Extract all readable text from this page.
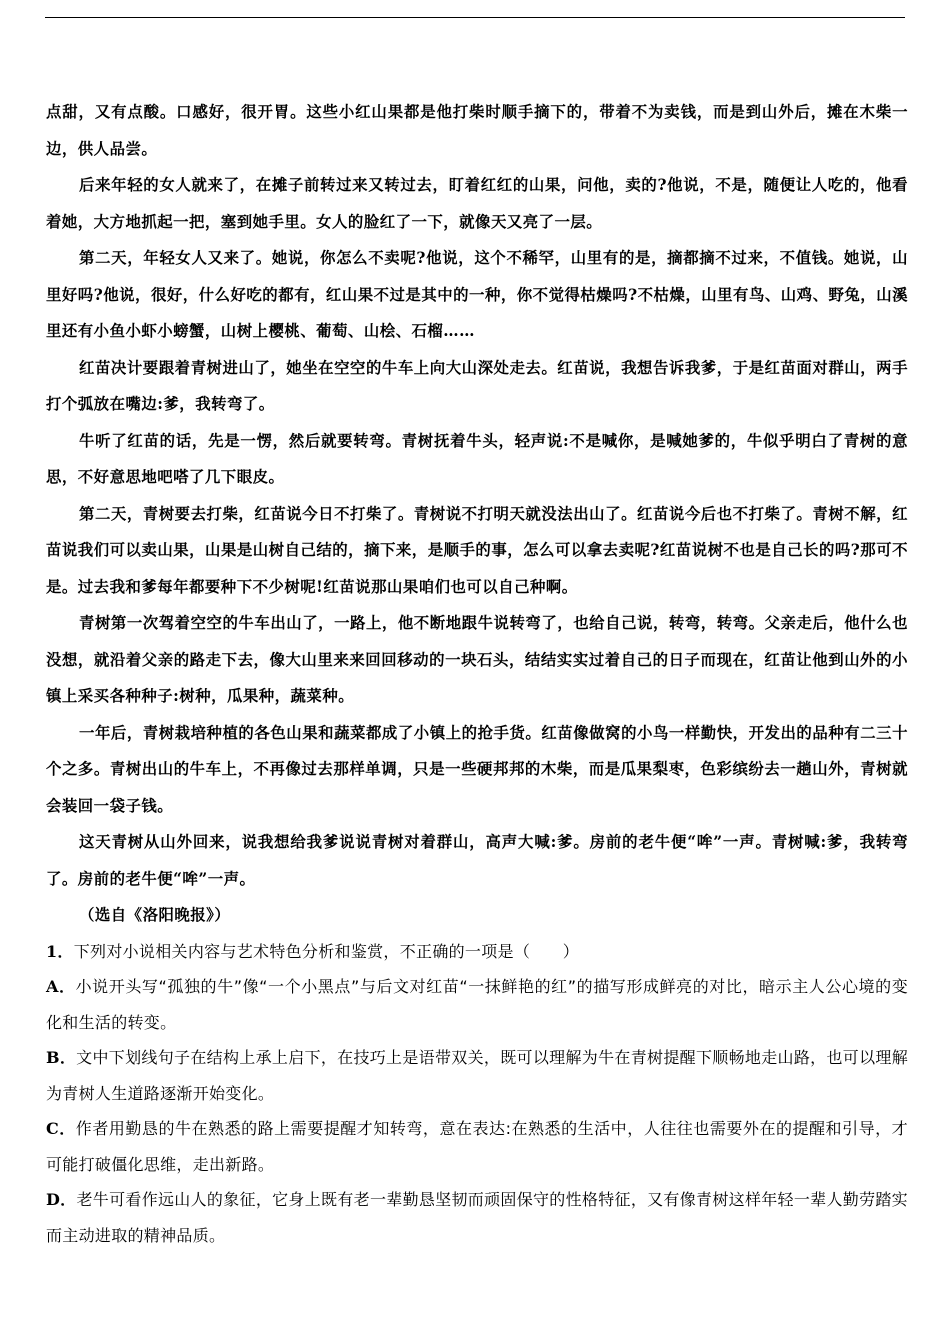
点甜，又有点酸。口感好，很开胃。这些小红山果都是他打柴时顺手摘下的，带着不为卖钱，而是到山外后，摊在木柴一边，供人品尝。

后来年轻的女人就来了，在摊子前转过来又转过去，盯着红红的山果，问他，卖的?他说，不是，随便让人吃的，他看着她，大方地抓起一把，塞到她手里。女人的脸红了一下，就像天又亮了一层。

第二天，年轻女人又来了。她说，你怎么不卖呢?他说，这个不稀罕，山里有的是，摘都摘不过来，不值钱。她说，山里好吗?他说，很好，什么好吃的都有，红山果不过是其中的一种，你不觉得枯燥吗?不枯燥，山里有鸟、山鸡、野兔，山溪里还有小鱼小虾小螃蟹，山树上樱桃、葡萄、山桧、石榴……

红苗决计要跟着青树进山了，她坐在空空的牛车上向大山深处走去。红苗说，我想告诉我爹，于是红苗面对群山，两手打个弧放在嘴边:爹，我转弯了。

牛听了红苗的话，先是一愣，然后就要转弯。青树抚着牛头，轻声说:不是喊你，是喊她爹的，牛似乎明白了青树的意思，不好意思地吧嗒了几下眼皮。

第二天，青树要去打柴，红苗说今日不打柴了。青树说不打明天就没法出山了。红苗说今后也不打柴了。青树不解，红苗说我们可以卖山果，山果是山树自己结的，摘下来，是顺手的事，怎么可以拿去卖呢?红苗说树不也是自己长的吗?那可不是。过去我和爹每年都要种下不少树呢!红苗说那山果咱们也可以自己种啊。

青树第一次驾着空空的牛车出山了，一路上，他不断地跟牛说转弯了，也给自己说，转弯，转弯。父亲走后，他什么也没想，就沿着父亲的路走下去，像大山里来来回回移动的一块石头，结结实实过着自己的日子而现在，红苗让他到山外的小镇上采买各种种子:树种，瓜果种，蔬菜种。

一年后，青树栽培种植的各色山果和蔬菜都成了小镇上的抢手货。红苗像做窝的小鸟一样勤快，开发出的品种有二三十个之多。青树出山的牛车上，不再像过去那样单调，只是一些硬邦邦的木柴，而是瓜果梨枣，色彩缤纷去一趟山外，青树就会装回一袋子钱。

这天青树从山外回来，说我想给我爹说说青树对着群山，高声大喊:爹。房前的老牛便“哞”一声。青树喊:爹，我转弯了。房前的老牛便“哞”一声。

（选自《洛阳晚报》）

1．下列对小说相关内容与艺术特色分析和鉴赏，不正确的一项是（　　）

A．小说开头写“孤独的牛”像“一个小黑点”与后文对红苗“一抹鲜艳的红”的描写形成鲜亮的对比，暗示主人公心境的变化和生活的转变。

B．文中下划线句子在结构上承上启下，在技巧上是语带双关，既可以理解为牛在青树提醒下顺畅地走山路，也可以理解为青树人生道路逐渐开始变化。

C．作者用勤恳的牛在熟悉的路上需要提醒才知转弯，意在表达:在熟悉的生活中，人往往也需要外在的提醒和引导，才可能打破僵化思维，走出新路。

D．老牛可看作远山人的象征，它身上既有老一辈勤恳坚韧而顽固保守的性格特征，又有像青树这样年轻一辈人勤劳踏实而主动进取的精神品质。
